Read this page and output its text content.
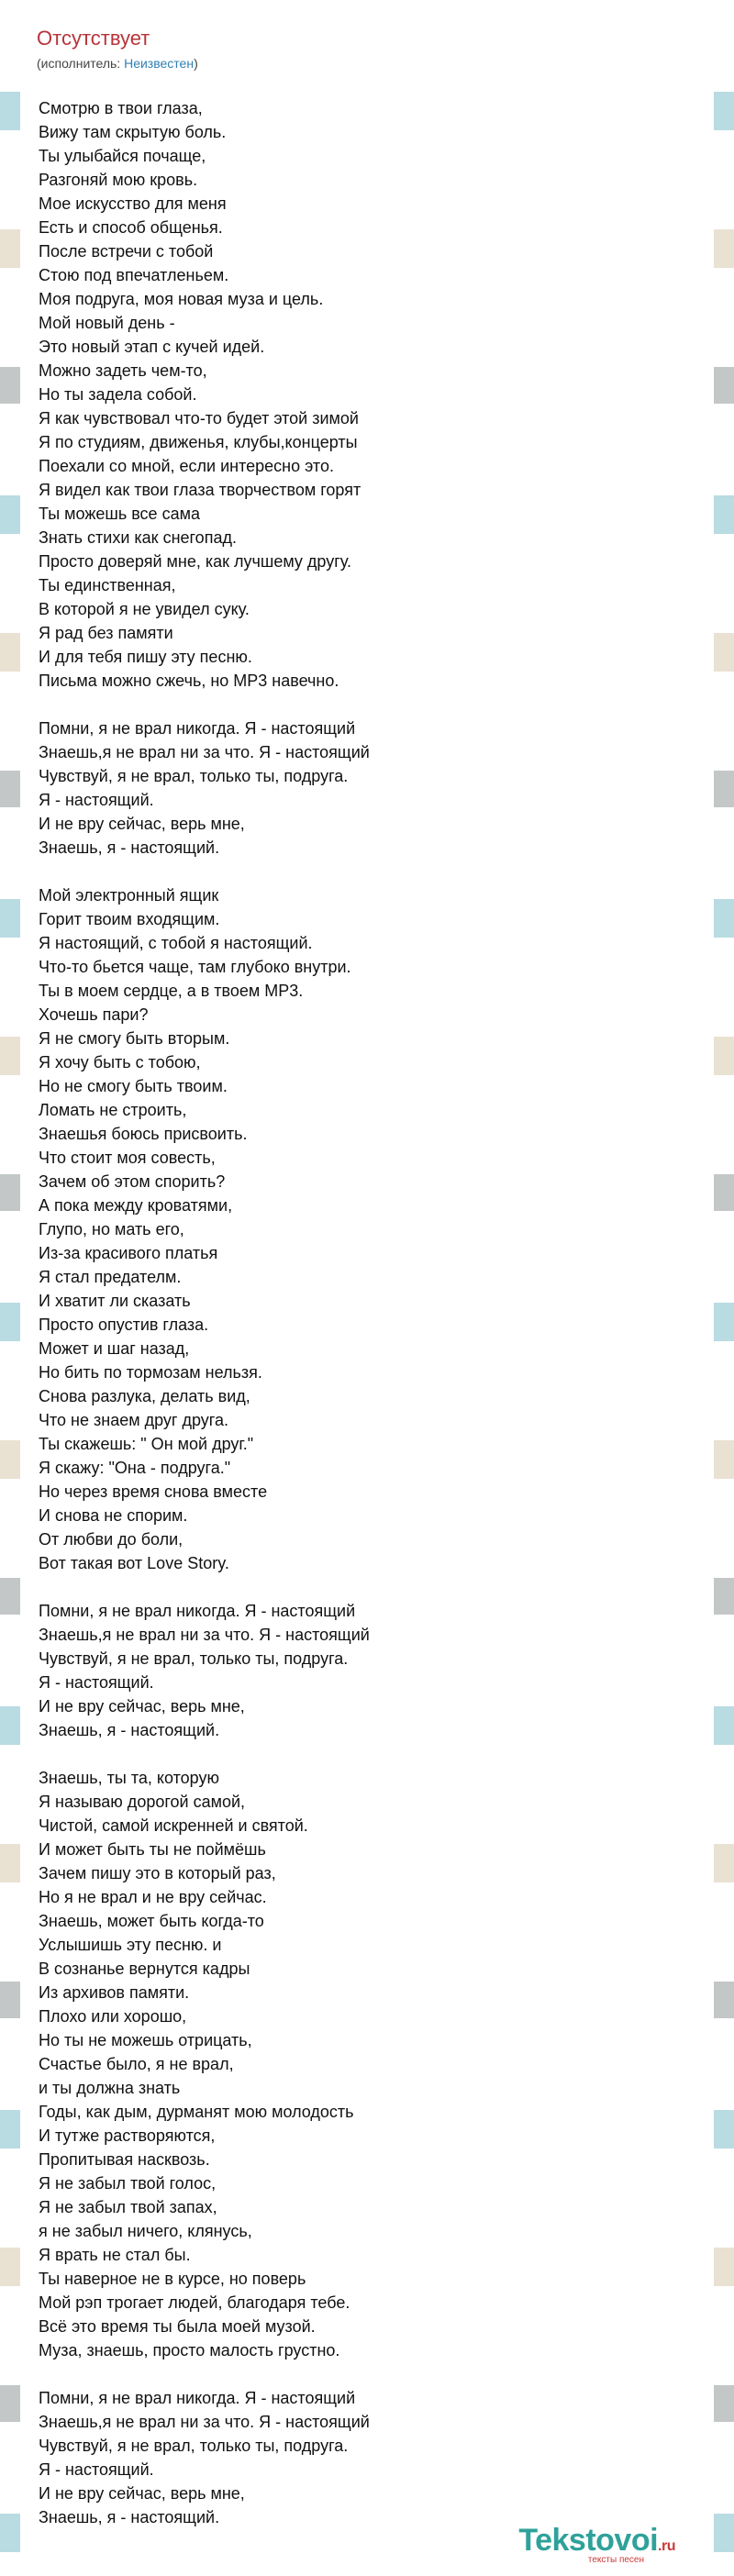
Отсутствует
(исполнитель: Неизвестен)
Смотрю в твои глаза,
Вижу там скрытую боль.
Ты улыбайся почаще,
Разгоняй мою кровь.
Мое искусство для меня
Есть и способ общенья.
После встречи с тобой
Стою под впечатленьем.
Моя подруга, моя новая муза и цель.
Мой новый день -
Это новый этап с кучей идей.
Можно задеть чем-то,
Но ты задела собой.
Я как чувствовал что-то будет этой зимой
Я по студиям, движенья, клубы,концерты
Поехали со мной, если интересно это.
Я видел как твои глаза творчеством горят
Ты можешь все сама
Знать стихи как снегопад.
Просто доверяй мне, как лучшему другу.
Ты единственная,
В которой я не увидел суку.
Я рад без памяти
И для тебя пишу эту песню.
Письма можно сжечь, но MP3 навечно.

Помни, я не врал никогда. Я - настоящий
Знаешь,я не врал ни за что. Я - настоящий
Чувствуй, я не врал, только ты, подруга.
Я - настоящий.
И не вру сейчас, верь мне,
Знаешь, я - настоящий.

Мой электронный ящик
Горит твоим входящим.
Я настоящий, с тобой я настоящий.
Что-то бьется чаще, там глубоко внутри.
Ты в моем сердце, а в твоем MP3.
Хочешь пари?
Я не смогу быть вторым.
Я хочу быть с тобою,
Но не смогу быть твоим.
Ломать не строить,
Знаешья боюсь присвоить.
Что стоит моя совесть,
Зачем об этом спорить?
А пока между кроватями,
Глупо, но мать его,
Из-за красивого платья
Я стал предателм.
И хватит ли сказать
Просто опустив глаза.
Может и шаг назад,
Но бить по тормозам нельзя.
Снова разлука, делать вид,
Что не знаем друг друга.
Ты скажешь: " Он мой друг."
Я скажу: "Она - подруга."
Но через время снова вместе
И снова не спорим.
От любви до боли,
Вот такая вот Love Story.

Помни, я не врал никогда. Я - настоящий
Знаешь,я не врал ни за что. Я - настоящий
Чувствуй, я не врал, только ты, подруга.
Я - настоящий.
И не вру сейчас, верь мне,
Знаешь, я - настоящий.

Знаешь, ты та, которую
Я называю дорогой самой,
Чистой, самой искренней и святой.
И может быть ты не поймёшь
Зачем пишу это в который раз,
Но я не врал и не вру сейчас.
Знаешь, может быть когда-то
Услышишь эту песню. и
В сознанье вернутся кадры
Из архивов памяти.
Плохо или хорошо,
Но ты не можешь отрицать,
Счастье было, я не врал,
и ты должна знать
Годы, как дым, дурманят мою молодость
И тутже растворяются,
Пропитывая насквозь.
Я не забыл твой голос,
Я не забыл твой запах,
я не забыл ничего, клянусь,
Я врать не стал бы.
Ты наверное не в курсе, но поверь
Мой рэп трогает людей, благодаря тебе.
Всё это время ты была моей музой.
Муза, знаешь, просто малость грустно.

Помни, я не врал никогда. Я - настоящий
Знаешь,я не врал ни за что. Я - настоящий
Чувствуй, я не врал, только ты, подруга.
Я - настоящий.
И не вру сейчас, верь мне,
Знаешь, я - настоящий.
Tekstovoi.ru
тексты песен
